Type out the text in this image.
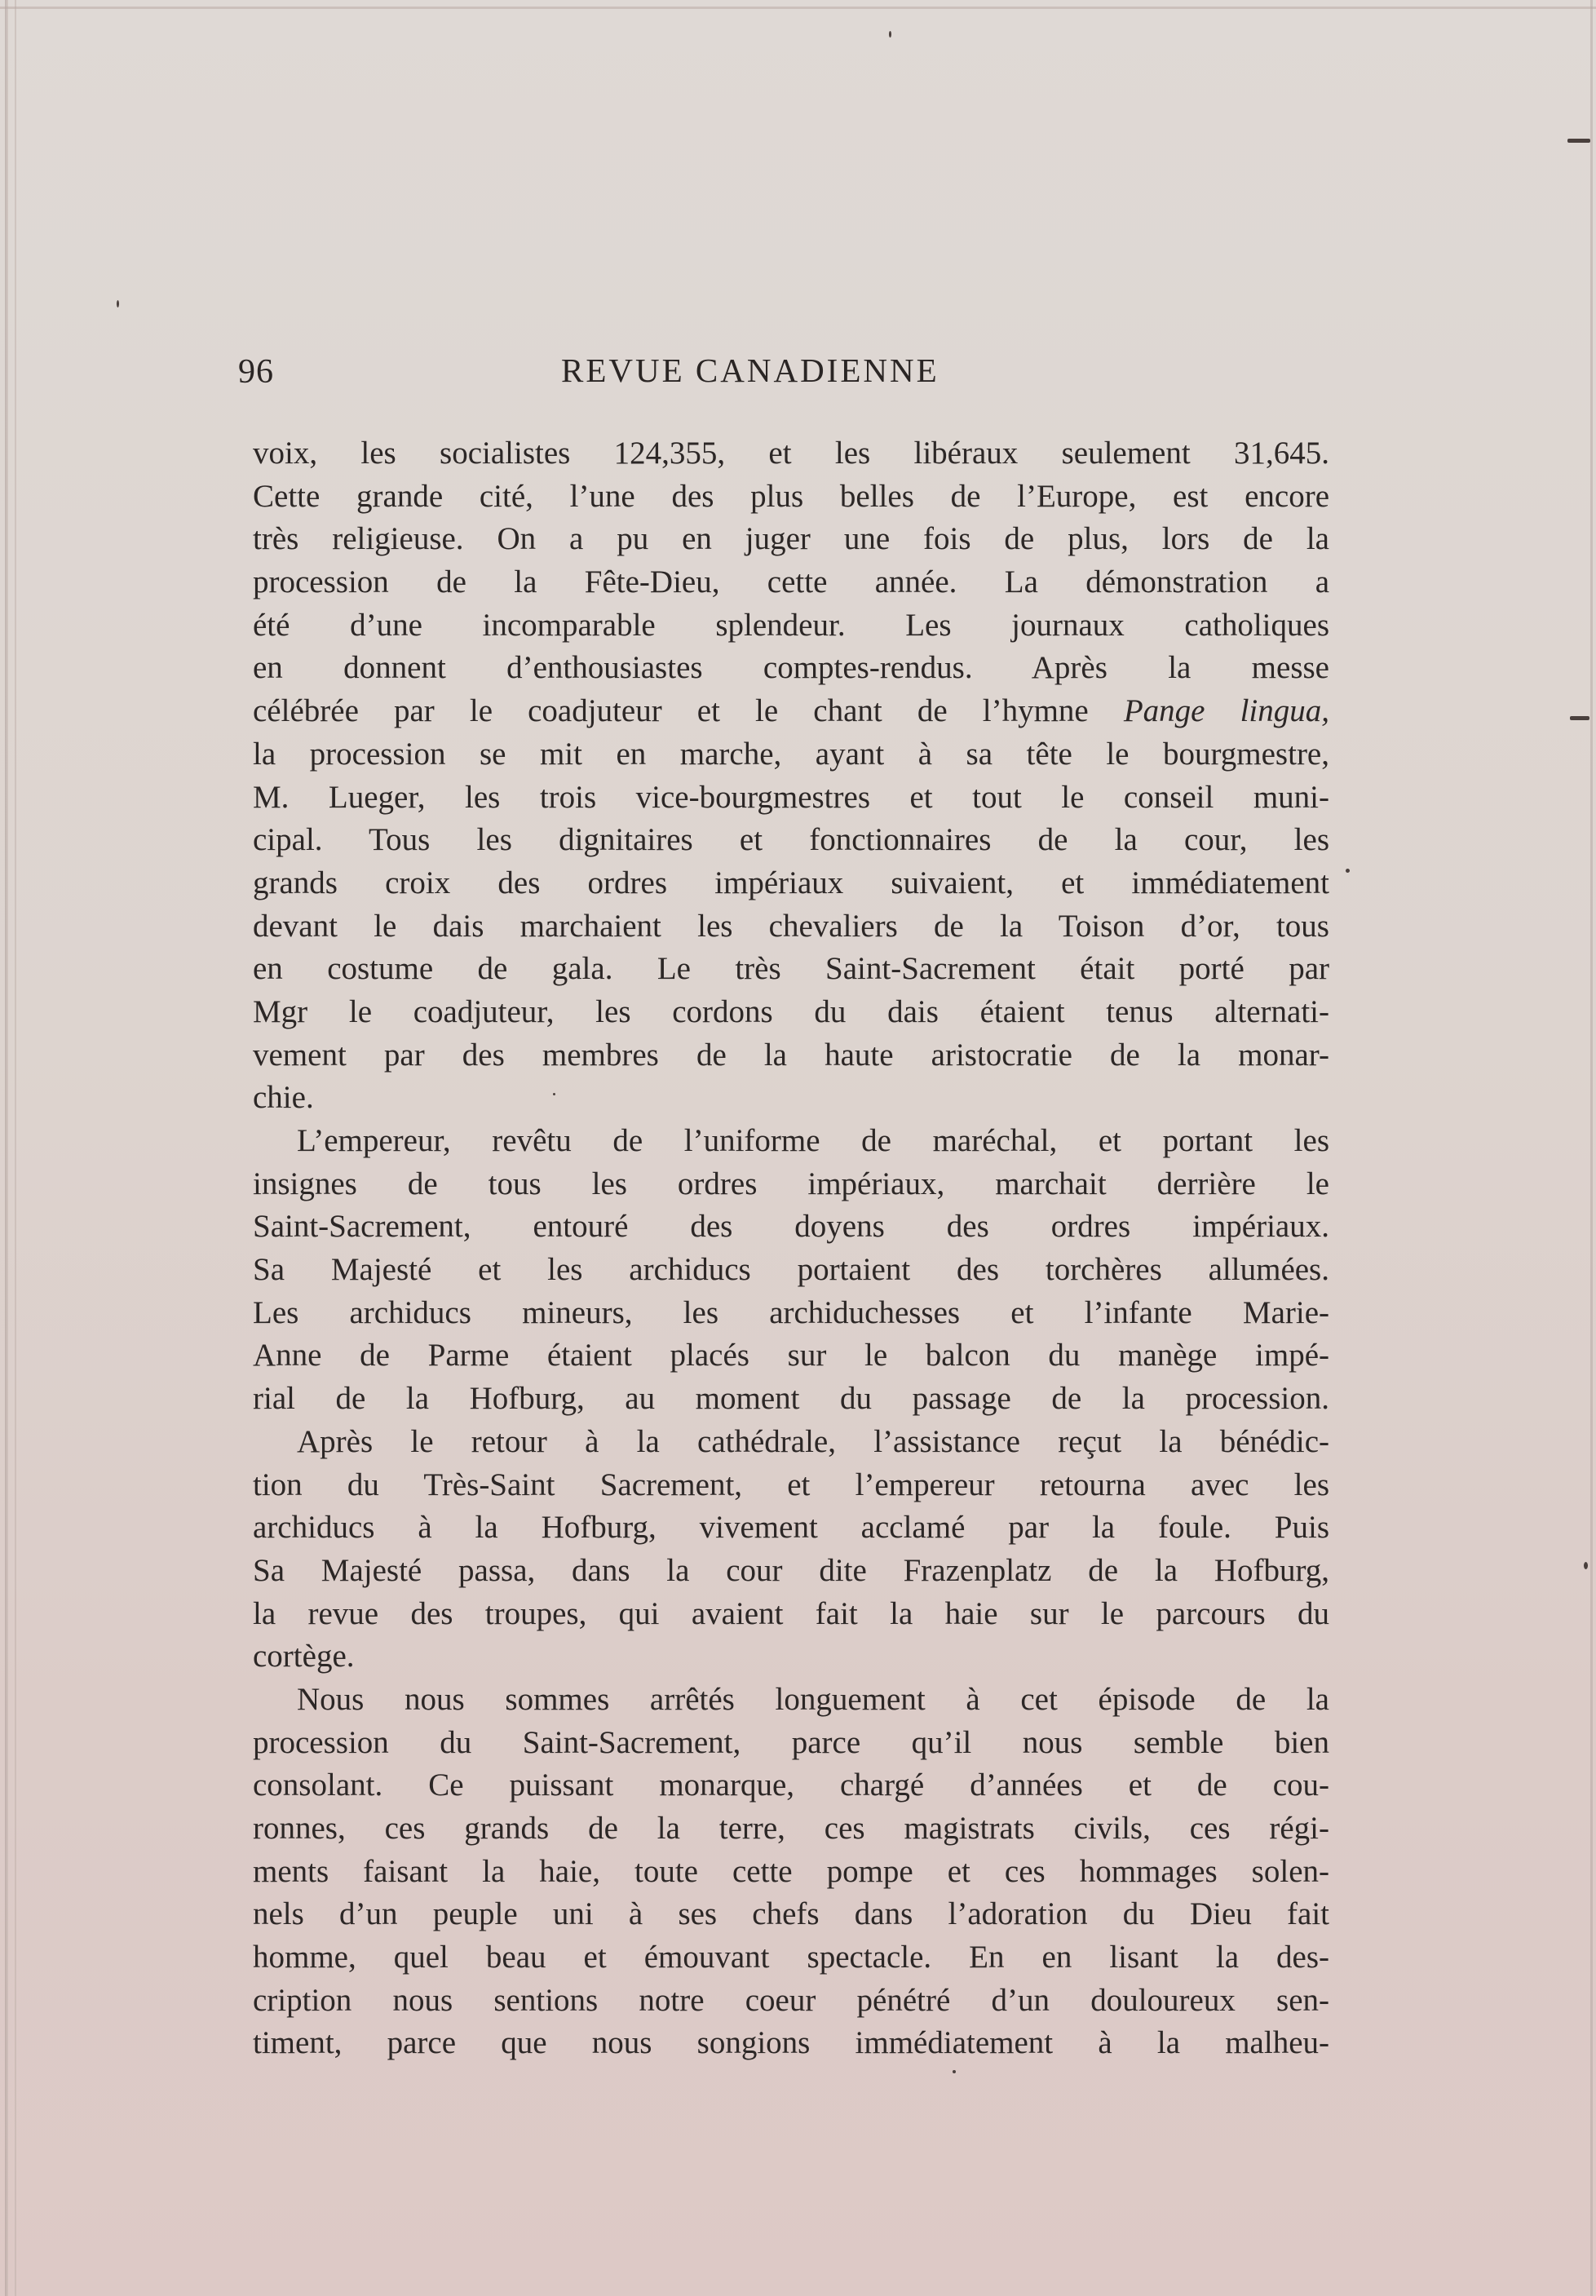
96	REVUE CANADIENNE
voix, les socialistes 124,355, et les libéraux seulement 31,645.
Cette grande cité, l’une des plus belles de l’Europe, est encore
très religieuse. On a pu en juger une fois de plus, lors de la
procession de la Fête-Dieu, cette année. La démonstration a
été d’une incomparable splendeur. Les journaux catholiques
en donnent d’enthousiastes comptes-rendus. Après la messe
célébrée par le coadjuteur et le chant de l’hymne Pange lingua,
la procession se mit en marche, ayant à sa tête le bourgmestre,
M. Lueger, les trois vice-bourgmestres et tout le conseil muni-
cipal. Tous les dignitaires et fonctionnaires de la cour, les
grands croix des ordres impériaux suivaient, et immédiatement
devant le dais marchaient les chevaliers de la Toison d’or, tous
en costume de gala. Le très Saint-Sacrement était porté par
Mgr le coadjuteur, les cordons du dais étaient tenus alternati-
vement par des membres de la haute aristocratie de la monar-
chie.
L’empereur, revêtu de l’uniforme de maréchal, et portant les
insignes de tous les ordres impériaux, marchait derrière le
Saint-Sacrement, entouré des doyens des ordres impériaux.
Sa Majesté et les archiducs portaient des torchères allumées.
Les archiducs mineurs, les archiduchesses et l’infante Marie-
Anne de Parme étaient placés sur le balcon du manège impé-
rial de la Hofburg, au moment du passage de la procession.
Après le retour à la cathédrale, l’assistance reçut la bénédic-
tion du Très-Saint Sacrement, et l’empereur retourna avec les
archiducs à la Hofburg, vivement acclamé par la foule. Puis
Sa Majesté passa, dans la cour dite Frazenplatz de la Hofburg,
la revue des troupes, qui avaient fait la haie sur le parcours du
cortège.
Nous nous sommes arrêtés longuement à cet épisode de la
procession du Saint-Sacrement, parce qu’il nous semble bien
consolant. Ce puissant monarque, chargé d’années et de cou-
ronnes, ces grands de la terre, ces magistrats civils, ces régi-
ments faisant la haie, toute cette pompe et ces hommages solen-
nels d’un peuple uni à ses chefs dans l’adoration du Dieu fait
homme, quel beau et émouvant spectacle. En en lisant la des-
cription nous sentions notre coeur pénétré d’un douloureux sen-
timent, parce que nous songions immédiatement à la malheu-
